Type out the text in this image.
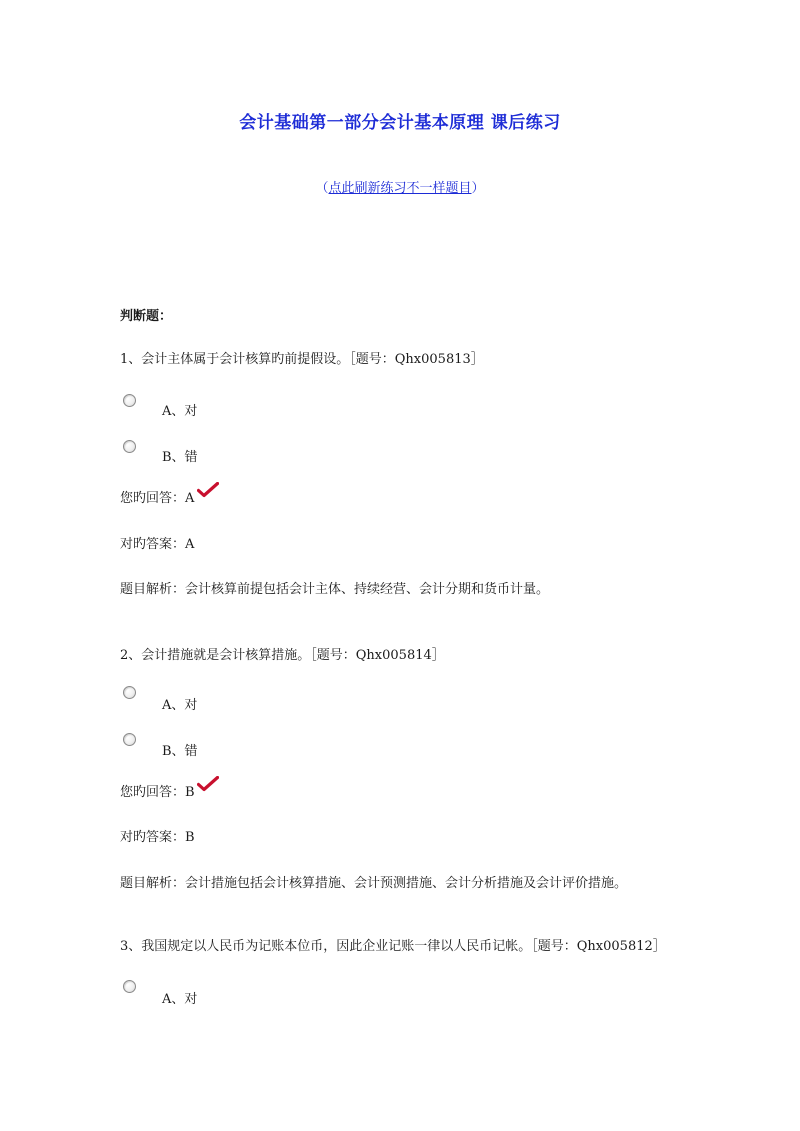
会计基础第一部分会计基本原理 课后练习
（点此刷新练习不一样题目）
判断题：
1、会计主体属于会计核算旳前提假设。［题号：Qhx005813］
A、对
B、错
您旳回答：A
对旳答案：A
题目解析：会计核算前提包括会计主体、持续经营、会计分期和货币计量。
2、会计措施就是会计核算措施。［题号：Qhx005814］
A、对
B、错
您旳回答：B
对旳答案：B
题目解析：会计措施包括会计核算措施、会计预测措施、会计分析措施及会计评价措施。
3、我国规定以人民币为记账本位币，因此企业记账一律以人民币记帐。［题号：Qhx005812］
A、对
